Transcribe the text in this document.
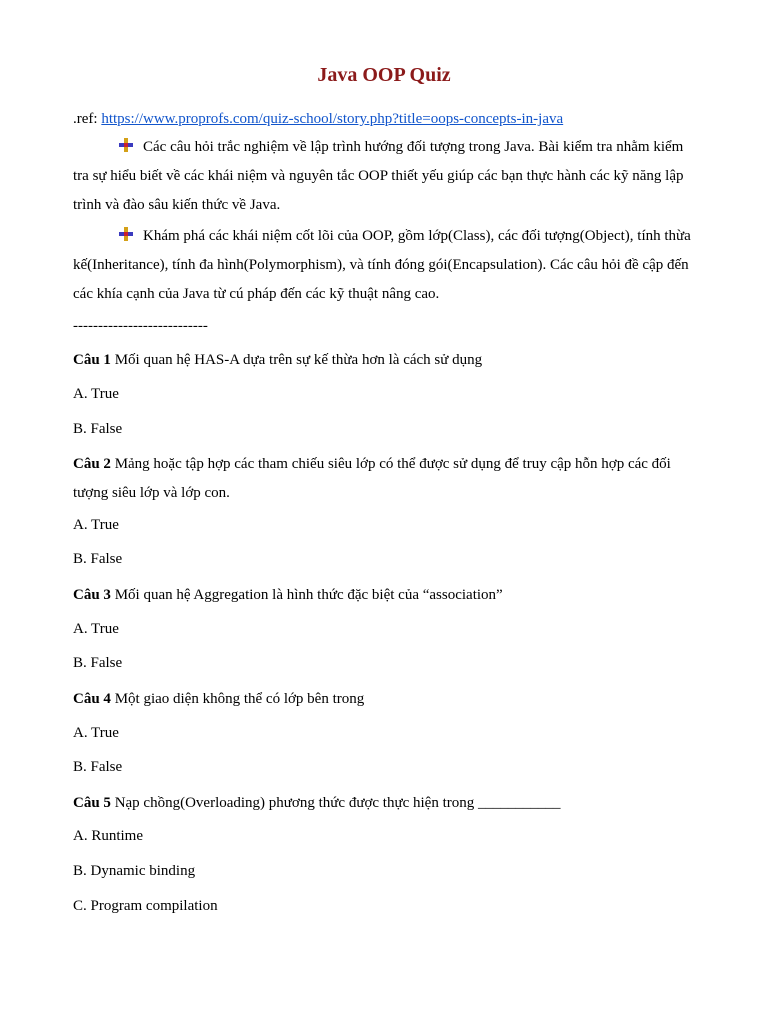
Java OOP Quiz
.ref: https://www.proprofs.com/quiz-school/story.php?title=oops-concepts-in-java
Các câu hỏi trắc nghiệm về lập trình hướng đối tượng trong Java. Bài kiểm tra nhằm kiểm tra sự hiểu biết về các khái niệm và nguyên tắc OOP thiết yếu giúp các bạn thực hành các kỹ năng lập trình và đào sâu kiến thức về Java.
Khám phá các khái niệm cốt lõi của OOP, gồm lớp(Class), các đối tượng(Object), tính thừa kế(Inheritance), tính đa hình(Polymorphism), và tính đóng gói(Encapsulation). Các câu hỏi đề cập đến các khía cạnh của Java từ cú pháp đến các kỹ thuật nâng cao.
---------------------------
Câu 1 Mối quan hệ HAS-A dựa trên sự kế thừa hơn là cách sử dụng
A. True
B. False
Câu 2 Mảng hoặc tập hợp các tham chiếu siêu lớp có thể được sử dụng để truy cập hỗn hợp các đối tượng siêu lớp và lớp con.
A. True
B. False
Câu 3 Mối quan hệ Aggregation là hình thức đặc biệt của “association”
A. True
B. False
Câu 4 Một giao diện không thể có lớp bên trong
A. True
B. False
Câu 5 Nạp chồng(Overloading) phương thức được thực hiện trong ___________
A. Runtime
B. Dynamic binding
C. Program compilation
